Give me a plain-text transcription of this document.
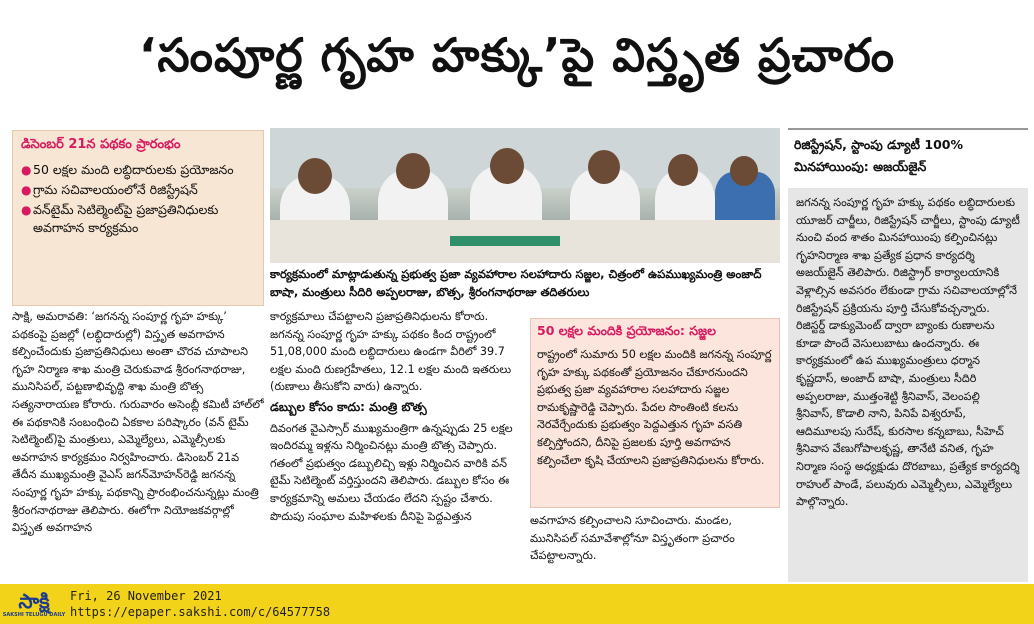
‘సంపూర్ణ గృహ హక్కు’పై విస్తృత ప్రచారం
డిసెంబర్ 21న పథకం ప్రారంభం
● 50 లక్షల మంది లబ్ధిదారులకు ప్రయోజనం
● గ్రామ సచివాలయంలోనే రిజిస్ట్రేషన్
● వన్‌టైమ్ సెటిల్మెంట్‌పై ప్రజాప్రతినిధులకు అవగాహన కార్యక్రమం
కార్యక్రమంలో మాట్లాడుతున్న ప్రభుత్వ ప్రజా వ్యవహారాల సలహాదారు సజ్జల, చిత్రంలో ఉపముఖ్యమంత్రి అంజాద్ బాషా, మంత్రులు సీదిరి అప్పలరాజు, బొత్స, శ్రీరంగనాథరాజు తదితరులు
రిజిస్ట్రేషన్, స్టాంపు డ్యూటీ 100% మినహాయింపు: అజయ్‌జైన్
జగనన్న సంపూర్ణ గృహ హక్కు పథకం లబ్ధిదారులకు యూజర్ చార్జీలు, రిజిస్ట్రేషన్ చార్జీలు, స్టాంపు డ్యూటీ నుంచి వంద శాతం మినహాయింపు కల్పించినట్లు గృహనిర్మాణ శాఖ ప్రత్యేక ప్రధాన కార్యదర్శి అజయ్‌జైన్ తెలిపారు. రిజిస్ట్రార్ కార్యాలయానికి వెళ్లాల్సిన అవసరం లేకుండా గ్రామ సచివాలయాల్లోనే రిజిస్ట్రేషన్ ప్రక్రియను పూర్తి చేసుకోవచ్చన్నారు. రిజిస్టర్డ్ డాక్యుమెంట్ ద్వారా బ్యాంకు రుణాలను కూడా పొందే వెసులుబాటు ఉందన్నారు. ఈ కార్యక్రమంలో ఉప ముఖ్యమంత్రులు ధర్మాన కృష్ణదాస్, అంజాద్ బాషా, మంత్రులు సీదిరి అప్పలరాజు, ముత్తంశెట్టి శ్రీనివాస్, వెలంపల్లి శ్రీనివాస్, కొడాలి నాని, పినిపే విశ్వరూప్, ఆదిమూలపు సురేష్, కురసాల కన్నబాబు, సీహెచ్ శ్రీనివాస వేణుగోపాలకృష్ణ, తానేటి వనిత, గృహ నిర్మాణ సంస్థ అధ్యక్షుడు దొరబాబు, ప్రత్యేక కార్యదర్శి రాహుల్ పాండే, పలువురు ఎమ్మెల్సీలు, ఎమ్మెల్యేలు పాల్గొన్నారు.

సాక్షి, అమరావతి: ‘జగనన్న సంపూర్ణ గృహ హక్కు’ పథకంపై ప్రజల్లో (లబ్ధిదారుల్లో) విస్తృత అవగాహన కల్పించేందుకు ప్రజాప్రతినిధులు అంతా చొరవ చూపాలని గృహ నిర్మాణ శాఖ మంత్రి చెరుకువాడ శ్రీరంగనాథరాజు, మునిసిపల్, పట్టణాభివృద్ధి శాఖ మంత్రి బొత్స సత్యనారాయణ కోరారు. గురువారం అసెంబ్లీ కమిటీ హాల్‌లో ఈ పథకానికి సంబంధించి ఏకకాల పరిష్కారం (వన్ టైమ్ సెటిల్మెంట్)పై మంత్రులు, ఎమ్మెల్యేలు, ఎమ్మెల్సీలకు అవగాహన కార్యక్రమం నిర్వహించారు. డిసెంబర్ 21వ తేదీన ముఖ్యమంత్రి వైఎస్ జగన్‌మోహన్‌రెడ్డి జగనన్న సంపూర్ణ గృహ హక్కు పథకాన్ని ప్రారంభించనున్నట్లు మంత్రి శ్రీరంగనాథరాజు తెలిపారు. ఈలోగా నియోజకవర్గాల్లో విస్తృత అవగాహన

కార్యక్రమాలు చేపట్టాలని ప్రజాప్రతినిధులను కోరారు. జగనన్న సంపూర్ణ గృహ హక్కు పథకం కింద రాష్ట్రంలో 51,08,000 మంది లబ్ధిదారులు ఉండగా వీరిలో 39.7 లక్షల మంది రుణగ్రహీతలు, 12.1 లక్షల మంది ఇతరులు (రుణాలు తీసుకోని వారు) ఉన్నారు.

డబ్బుల కోసం కాదు: మంత్రి బొత్స

దివంగత వైఎస్సార్ ముఖ్యమంత్రిగా ఉన్నప్పుడు 25 లక్షల ఇందిరమ్మ ఇళ్లను నిర్మించినట్లు మంత్రి బొత్స చెప్పారు. గతంలో ప్రభుత్వం డబ్బులిచ్చి ఇళ్లు నిర్మించిన వారికి వన్ టైమ్ సెటిల్మెంట్ వర్తిస్తుందని తెలిపారు. డబ్బుల కోసం ఈ కార్యక్రమాన్ని అమలు చేయడం లేదని స్పష్టం చేశారు. పొదుపు సంఘాల మహిళలకు దీనిపై పెద్దఎత్తున

50 లక్షల మందికి ప్రయోజనం: సజ్జల
రాష్ట్రంలో సుమారు 50 లక్షల మందికి జగనన్న సంపూర్ణ గృహ హక్కు పథకంతో ప్రయోజనం చేకూరనుందని ప్రభుత్వ ప్రజా వ్యవహారాల సలహాదారు సజ్జల రామకృష్ణారెడ్డి చెప్పారు. పేదల సొంతింటి కలను నెరవేర్చేందుకు ప్రభుత్వం పెద్దఎత్తున గృహ వసతి కల్పిస్తోందని, దీనిపై ప్రజలకు పూర్తి అవగాహన కల్పించేలా కృషి చేయాలని ప్రజాప్రతినిధులను కోరారు.

అవగాహన కల్పించాలని సూచించారు. మండల, మునిసిపల్ సమావేశాల్లోనూ విస్తృతంగా ప్రచారం చేపట్టాలన్నారు.

సాక్షి
SAKSHI TELUGU DAILY
Fri, 26 November 2021
https://epaper.sakshi.com/c/64577758
